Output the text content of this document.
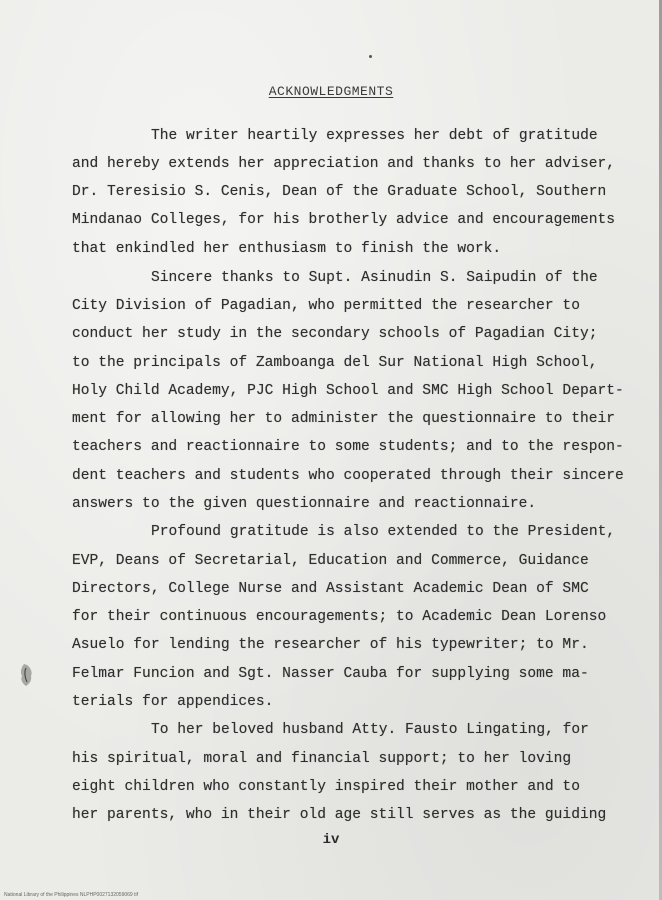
ACKNOWLEDGMENTS
The writer heartily expresses her debt of gratitude
and hereby extends her appreciation and thanks to her adviser,
Dr. Teresisio S. Cenis, Dean of the Graduate School, Southern
Mindanao Colleges, for his brotherly advice and encouragements
that enkindled her enthusiasm to finish the work.
Sincere thanks to Supt. Asinudin S. Saipudin of the
City Division of Pagadian, who permitted the researcher to
conduct her study in the secondary schools of Pagadian City;
to the principals of Zamboanga del Sur National High School,
Holy Child Academy, PJC High School and SMC High School Depart-
ment for allowing her to administer the questionnaire to their
teachers and reactionnaire to some students; and to the respon-
dent teachers and students who cooperated through their sincere
answers to the given questionnaire and reactionnaire.
Profound gratitude is also extended to the President,
EVP, Deans of Secretarial, Education and Commerce, Guidance
Directors, College Nurse and Assistant Academic Dean of SMC
for their continuous encouragements; to Academic Dean Lorenso
Asuelo for lending the researcher of his typewriter; to Mr.
Felmar Funcion and Sgt. Nasser Cauba for supplying some ma-
terials for appendices.
To her beloved husband Atty. Fausto Lingating, for
his spiritual, moral and financial support; to her loving
eight children who constantly inspired their mother and to
her parents, who in their old age still serves as the guiding
iv
National Library of the Philippines NLPHP0027132059069 tif
